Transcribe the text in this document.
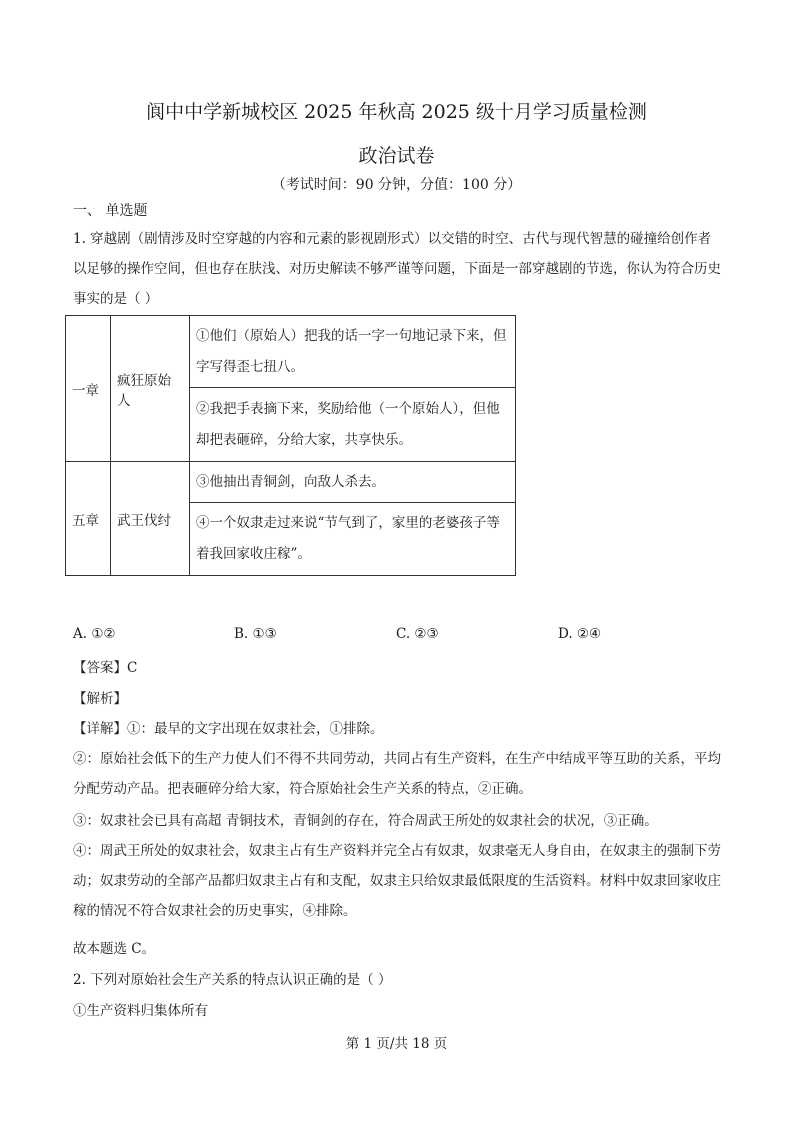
阆中中学新城校区 2025 年秋高 2025 级十月学习质量检测
政治试卷
（考试时间：90 分钟，分值：100 分）
一、 单选题
1. 穿越剧（剧情涉及时空穿越的内容和元素的影视剧形式）以交错的时空、古代与现代智慧的碰撞给创作者以足够的操作空间，但也存在肤浅、对历史解读不够严谨等问题，下面是一部穿越剧的节选，你认为符合历史事实的是（ ）
一章	疯狂原始人	①他们（原始人）把我的话一字一句地记录下来，但字写得歪七扭八。
		②我把手表摘下来，奖励给他（一个原始人），但他却把表砸碎，分给大家，共享快乐。
五章	武王伐纣	③他抽出青铜剑，向敌人杀去。
		④一个奴隶走过来说“节气到了，家里的老婆孩子等着我回家收庄稼”。
A. ①②	B. ①③	C. ②③	D. ②④
【答案】C
【解析】
【详解】①：最早的文字出现在奴隶社会，①排除。
②：原始社会低下的生产力使人们不得不共同劳动，共同占有生产资料，在生产中结成平等互助的关系，平均分配劳动产品。把表砸碎分给大家，符合原始社会生产关系的特点，②正确。
③：奴隶社会已具有高超 青铜技术，青铜剑的存在，符合周武王所处的奴隶社会的状况，③正确。
④：周武王所处的奴隶社会，奴隶主占有生产资料并完全占有奴隶，奴隶毫无人身自由，在奴隶主的强制下劳动；奴隶劳动的全部产品都归奴隶主占有和支配，奴隶主只给奴隶最低限度的生活资料。材料中奴隶回家收庄稼的情况不符合奴隶社会的历史事实，④排除。
故本题选 C。
2. 下列对原始社会生产关系的特点认识正确的是（ ）
①生产资料归集体所有
第 1 页/共 18 页
